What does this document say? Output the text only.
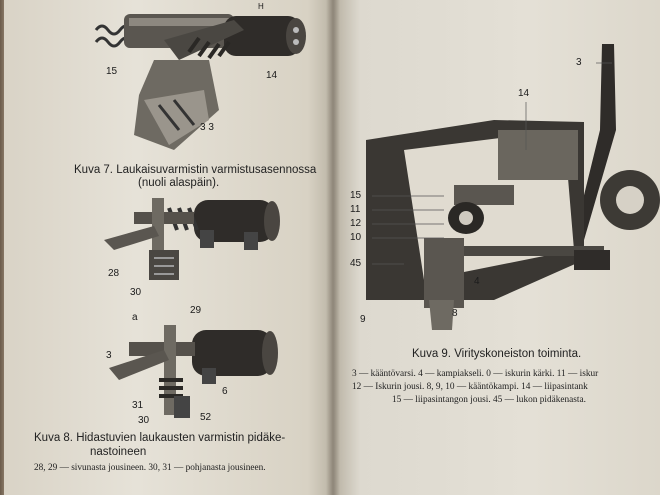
H
15	14
3 3
Kuva 7. Laukaisuvarmistin varmistusasennossa
(nuoli alaspäin).
28
30
29
a
3
6
31
30	52
Kuva 8. Hidastuvien laukausten varmistin pidäke-
nastoineen
28, 29 — sivunasta jousineen. 30, 31 — pohjanasta jousineen.
3
14
15
11
12
10
45
4
9
8
Kuva 9. Virityskoneiston toiminta.
3 — kääntövarsi. 4 — kampiakseli. 0 — iskurin kärki. 11 — iskur
12 — Iskurin jousi. 8, 9, 10 — kääntökampi. 14 — liipasintank
15 — liipasintangon jousi. 45 — lukon pidäkenasta.
